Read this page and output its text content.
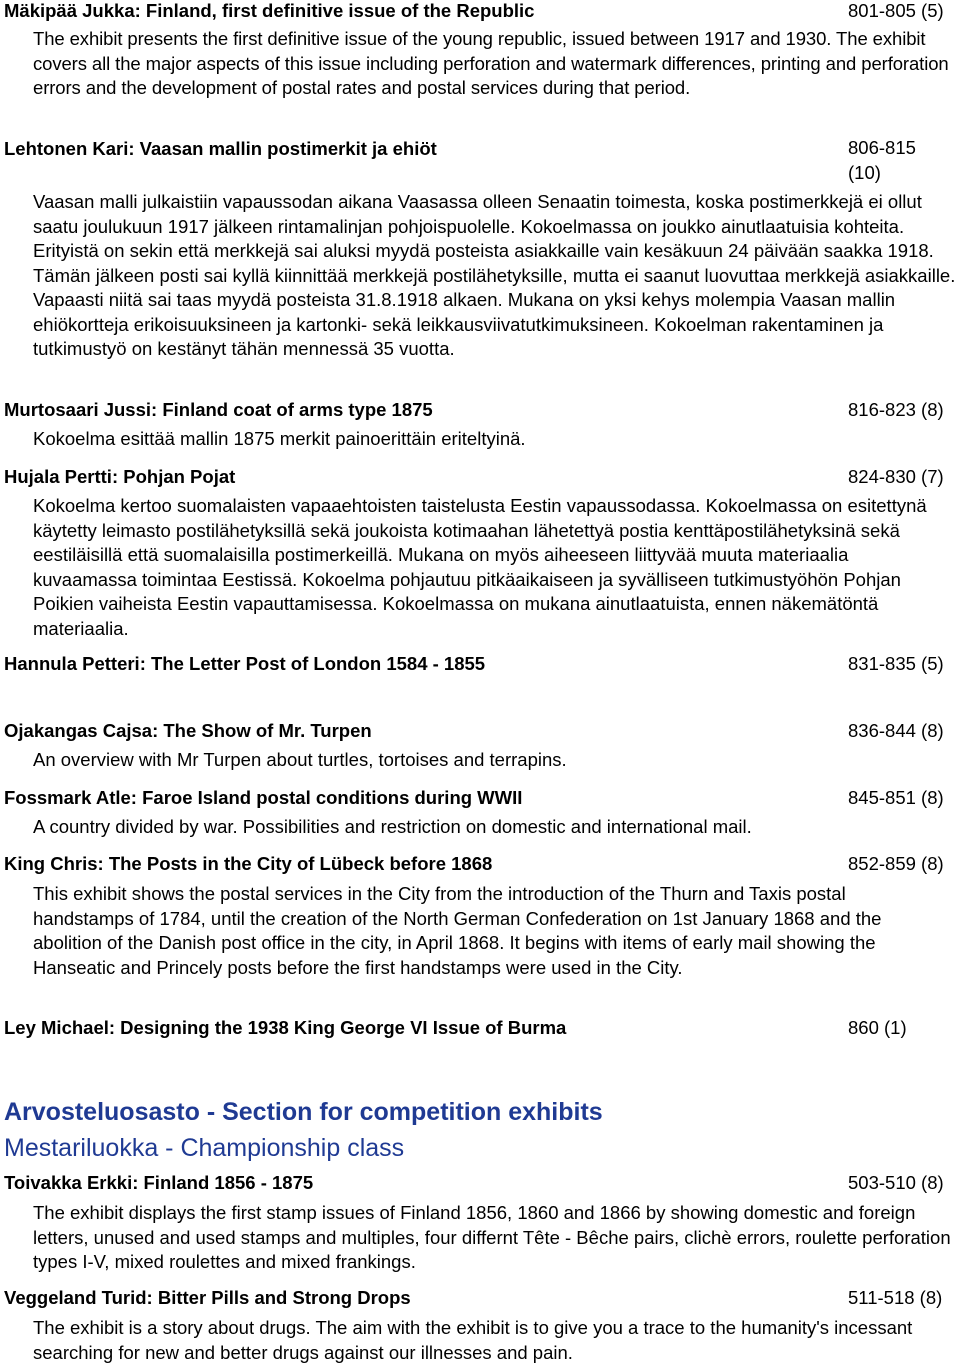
Mäkipää Jukka: Finland, first definitive issue of the Republic	801-805 (5)
The exhibit presents the first definitive issue of the young republic, issued between 1917 and 1930. The exhibit covers all the major aspects of this issue including perforation and watermark differences, printing and perforation errors and the development of postal rates and postal services during that period.
Lehtonen Kari: Vaasan mallin postimerkit ja ehiöt	806-815 (10)
Vaasan malli julkaistiin vapaussodan aikana Vaasassa olleen Senaatin toimesta, koska postimerkkejä ei ollut saatu joulukuun 1917 jälkeen rintamalinjan pohjoispuolelle. Kokoelmassa on joukko ainutlaatuisia kohteita. Erityistä on sekin että merkkejä sai aluksi myydä posteista asiakkaille vain kesäkuun 24 päivään saakka 1918. Tämän jälkeen posti sai kyllä kiinnittää merkkejä postilähetyksille, mutta ei saanut luovuttaa merkkejä asiakkaille. Vapaasti niitä sai taas myydä posteista 31.8.1918 alkaen. Mukana on yksi kehys molempia Vaasan mallin ehiökortteja erikoisuuksineen ja kartonki- sekä leikkausviivatutkimuksineen. Kokoelman rakentaminen ja tutkimustyö on kestänyt tähän mennessä 35 vuotta.
Murtosaari Jussi: Finland coat of arms type 1875	816-823 (8)
Kokoelma esittää mallin 1875 merkit painoerittäin eriteltyinä.
Hujala Pertti: Pohjan Pojat	824-830 (7)
Kokoelma kertoo suomalaisten vapaaehtoisten taistelusta Eestin vapaussodassa. Kokoelmassa on esitettynä käytetty leimasto postilähetyksillä sekä joukoista kotimaahan lähetettyä postia kenttäpostilähetyksinä sekä eestiläisillä että suomalaisilla postimerkeillä. Mukana on myös aiheeseen liittyvää muuta materiaalia kuvaamassa toimintaa Eestissä. Kokoelma pohjautuu pitkäaikaiseen ja syvälliseen tutkimustyöhön Pohjan Poikien vaiheista Eestin vapauttamisessa. Kokoelmassa on mukana ainutlaatuista, ennen näkemätöntä materiaalia.
Hannula Petteri: The Letter Post of London 1584 - 1855	831-835 (5)
Ojakangas Cajsa: The Show of Mr. Turpen	836-844 (8)
An overview with Mr Turpen about turtles, tortoises and terrapins.
Fossmark Atle: Faroe Island postal conditions during WWII	845-851 (8)
A country divided by war. Possibilities and restriction on domestic and international mail.
King Chris: The Posts in the City of Lübeck before 1868	852-859 (8)
This exhibit shows the postal services in the City from the introduction of the Thurn and Taxis postal handstamps of 1784, until the creation of the North German Confederation on 1st January 1868 and the abolition of the Danish post office in the city, in April 1868. It begins with items of early mail showing the Hanseatic and Princely posts before the first handstamps were used in the City.
Ley Michael: Designing the 1938 King George VI Issue of Burma	860 (1)
Arvosteluosasto - Section for competition exhibits
Mestariluokka - Championship class
Toivakka Erkki: Finland 1856 - 1875	503-510 (8)
The exhibit displays the first stamp issues of Finland 1856, 1860 and 1866 by showing domestic and foreign letters, unused and used stamps and multiples, four differnt Tête - Bêche pairs, clichè errors, roulette perforation types I-V, mixed roulettes and mixed frankings.
Veggeland Turid: Bitter Pills and Strong Drops	511-518 (8)
The exhibit is a story about drugs. The aim with the exhibit is to give you a trace to the humanity's incessant searching for new and better drugs against our illnesses and pain.
